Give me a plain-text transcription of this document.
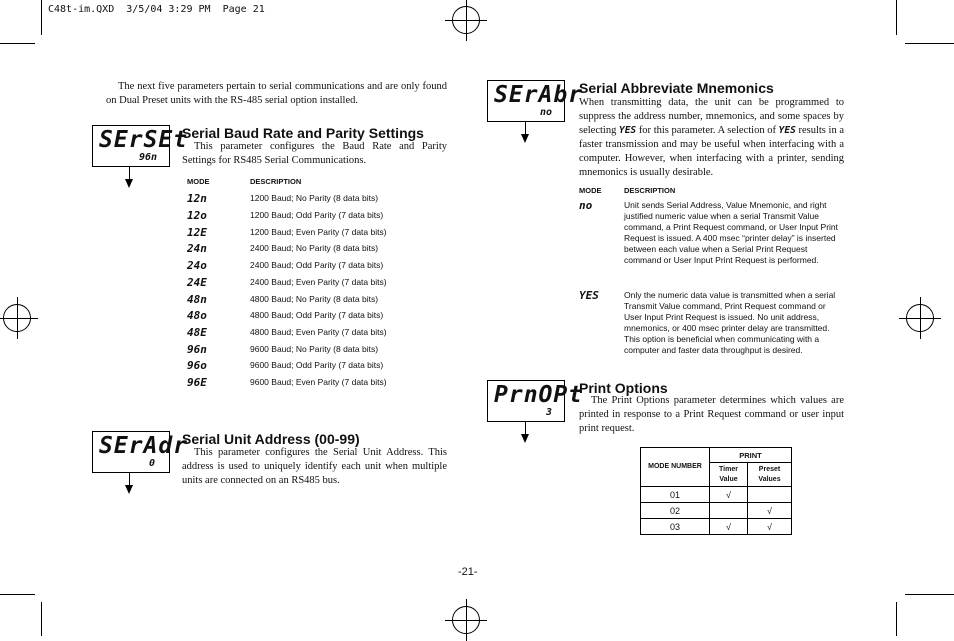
C48t-im.QXD  3/5/04 3:29 PM  Page 21
The next five parameters pertain to serial communications and are only found on Dual Preset units with the RS-485 serial option installed.
SErSEt
96n
Serial Baud Rate and Parity Settings
This parameter configures the Baud Rate and Parity Settings for RS485 Serial Communications.
MODE	DESCRIPTION
12n	1200 Baud; No Parity (8 data bits)
12o	1200 Baud; Odd Parity (7 data bits)
12E	1200 Baud; Even Parity (7 data bits)
24n	2400 Baud; No Parity (8 data bits)
24o	2400 Baud; Odd Parity (7 data bits)
24E	2400 Baud; Even Parity (7 data bits)
48n	4800 Baud; No Parity (8 data bits)
48o	4800 Baud; Odd Parity (7 data bits)
48E	4800 Baud; Even Parity (7 data bits)
96n	9600 Baud; No Parity (8 data bits)
96o	9600 Baud; Odd Parity (7 data bits)
96E	9600 Baud; Even Parity (7 data bits)
SErAdr
0
Serial Unit Address (00-99)
This parameter configures the Serial Unit Address. This address is used to uniquely identify each unit when multiple units are connected on an RS485 bus.
SErAbr
no
Serial Abbreviate Mnemonics
When transmitting data, the unit can be programmed to suppress the address number, mnemonics, and some spaces by selecting YES for this parameter. A selection of YES results in a faster transmission and may be useful when interfacing with a computer. However, when interfacing with a printer, sending mnemonics is usually desirable.
MODE	DESCRIPTION
no	Unit sends Serial Address, Value Mnemonic, and right justified numeric value when a serial Transmit Value command, a Print Request command, or User Input Print Request is issued. A 400 msec “printer delay” is inserted between each value when a Serial Print Request command or User Input Print Request is performed.
YES	Only the numeric data value is transmitted when a serial Transmit Value command, Print Request command or User Input Print Request is issued. No unit address, mnemonics, or 400 msec printer delay are transmitted. This option is beneficial when communicating with a computer and faster data throughput is desired.
PrnOPt
3
Print Options
The Print Options parameter determines which values are printed in response to a Print Request command or user input print request.
MODE NUMBER	PRINT	
	Timer Value	Preset Values
01	√	
02		√
03	√	√
-21-
